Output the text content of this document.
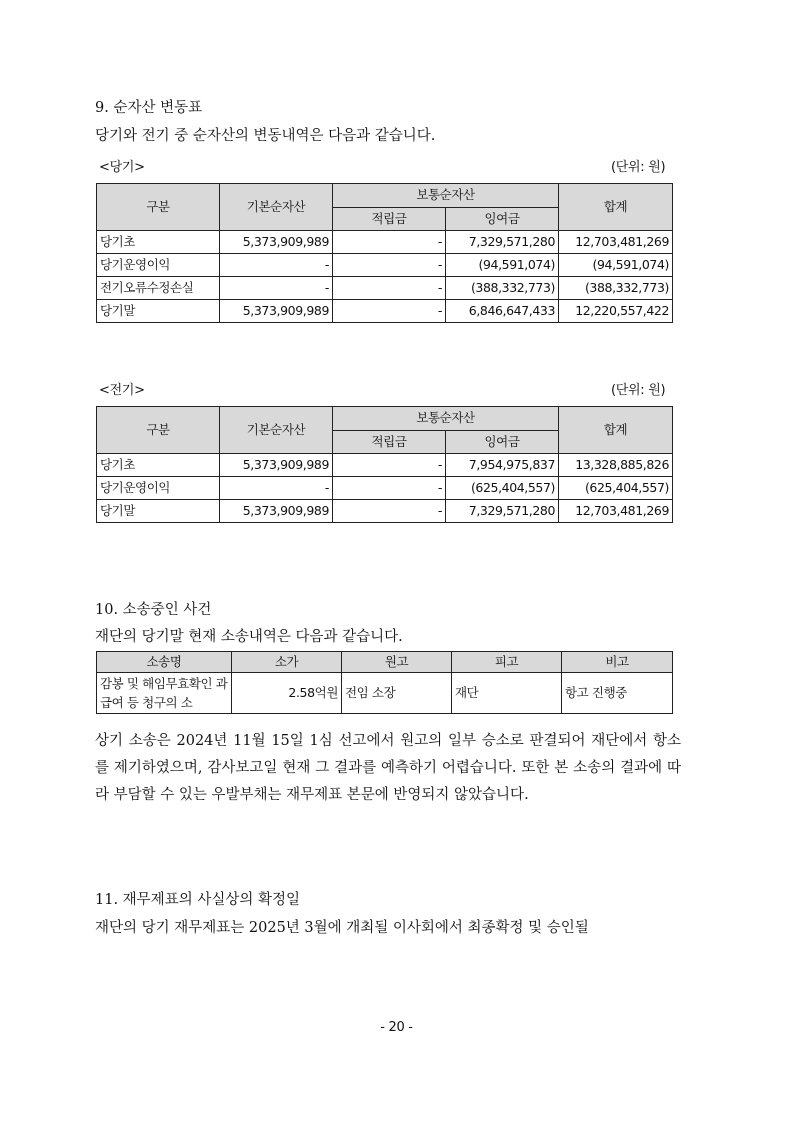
9. 순자산 변동표
당기와 전기 중 순자산의 변동내역은 다음과 같습니다.
<당기>	(단위: 원)
구분	기본순자산	보통순자산		합계
		적립금	잉여금	
당기초	5,373,909,989	-	7,329,571,280	12,703,481,269
당기운영이익	-	-	(94,591,074)	(94,591,074)
전기오류수정손실	-	-	(388,332,773)	(388,332,773)
당기말	5,373,909,989	-	6,846,647,433	12,220,557,422
<전기>	(단위: 원)
구분	기본순자산	보통순자산		합계
		적립금	잉여금	
당기초	5,373,909,989	-	7,954,975,837	13,328,885,826
당기운영이익	-	-	(625,404,557)	(625,404,557)
당기말	5,373,909,989	-	7,329,571,280	12,703,481,269
10. 소송중인 사건
재단의 당기말 현재 소송내역은 다음과 같습니다.
소송명	소가	원고	피고	비고
감봉 및 해임무효확인 과 급여 등 청구의 소	2.58억원	전임 소장	재단	항고 진행중
상기 소송은 2024년 11월 15일 1심 선고에서 원고의 일부 승소로 판결되어 재단에서 항소를 제기하였으며, 감사보고일 현재 그 결과를 예측하기 어렵습니다. 또한 본 소송의 결과에 따라 부담할 수 있는 우발부채는 재무제표 본문에 반영되지 않았습니다.
11. 재무제표의 사실상의 확정일
재단의 당기 재무제표는 2025년 3월에 개최될 이사회에서 최종확정 및 승인될
- 20 -
